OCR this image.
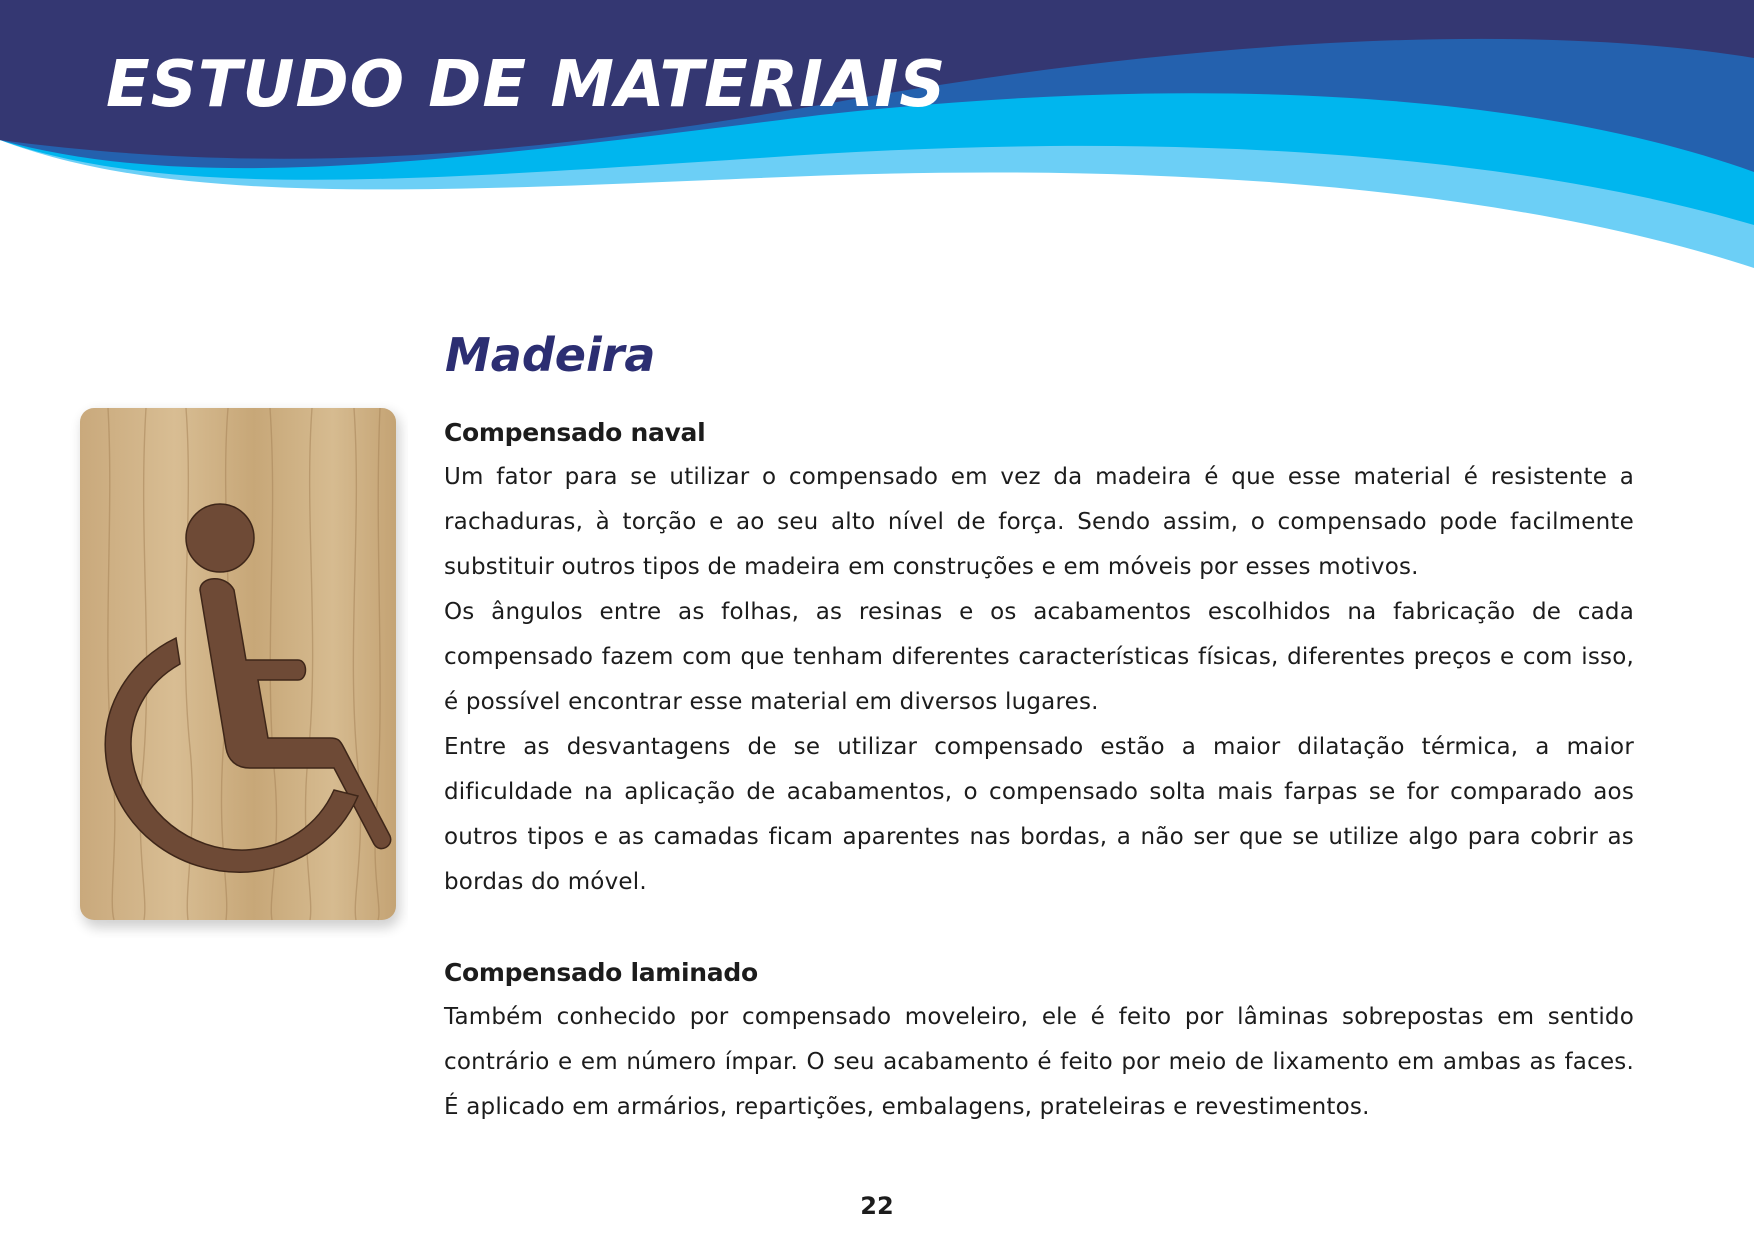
ESTUDO DE MATERIAIS
Madeira

Compensado naval

Um fator para se utilizar o compensado em vez da madeira é que esse material é resistente a rachaduras, à torção e ao seu alto nível de força. Sendo assim, o compensado pode facilmente substituir outros tipos de madeira em construções e em móveis por esses motivos.

Os ângulos entre as folhas, as resinas e os acabamentos escolhidos na fabricação de cada compensado fazem com que tenham diferentes características físicas, diferentes preços e com isso, é possível encontrar esse material em diversos lugares.

Entre as desvantagens de se utilizar compensado estão a maior dilatação térmica, a maior dificuldade na aplicação de acabamentos, o compensado solta mais farpas se for comparado aos outros tipos e as camadas ficam aparentes nas bordas, a não ser que se utilize algo para cobrir as bordas do móvel.

Compensado laminado

Também conhecido por compensado moveleiro, ele é feito por lâminas sobrepostas em sentido contrário e em número ímpar. O seu acabamento é feito por meio de lixamento em ambas as faces. É aplicado em armários, repartições, embalagens, prateleiras e revestimentos.

22
